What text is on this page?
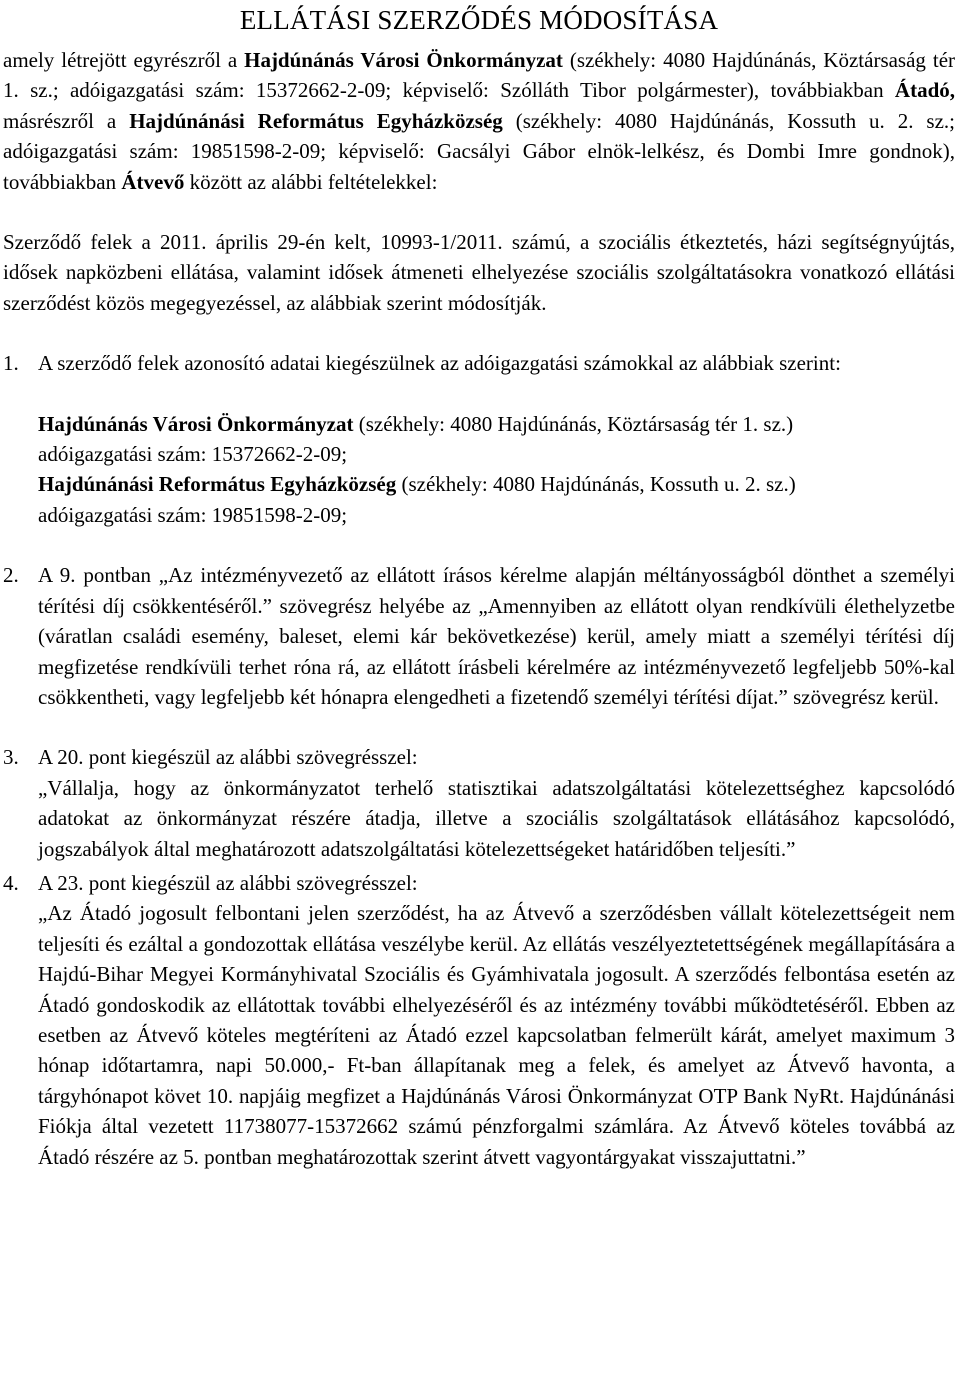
ELLÁTÁSI SZERZŐDÉS MÓDOSÍTÁSA

amely létrejött egyrészről a Hajdúnánás Városi Önkormányzat (székhely: 4080 Hajdúnánás, Köztársaság tér 1. sz.; adóigazgatási szám: 15372662-2-09; képviselő: Szólláth Tibor polgármester), továbbiakban Átadó, másrészről a Hajdúnánási Református Egyházközség (székhely: 4080 Hajdúnánás, Kossuth u. 2. sz.; adóigazgatási szám: 19851598-2-09; képviselő: Gacsályi Gábor elnök-lelkész, és Dombi Imre gondnok), továbbiakban Átvevő között az alábbi feltételekkel:

Szerződő felek a 2011. április 29-én kelt, 10993-1/2011. számú, a szociális étkeztetés, házi segítségnyújtás, idősek napközbeni ellátása, valamint idősek átmeneti elhelyezése szociális szolgáltatásokra vonatkozó ellátási szerződést közös megegyezéssel, az alábbiak szerint módosítják.

1. A szerződő felek azonosító adatai kiegészülnek az adóigazgatási számokkal az alábbiak szerint:

Hajdúnánás Városi Önkormányzat (székhely: 4080 Hajdúnánás, Köztársaság tér 1. sz.)

adóigazgatási szám: 15372662-2-09;

Hajdúnánási Református Egyházközség (székhely: 4080 Hajdúnánás, Kossuth u. 2. sz.)

adóigazgatási szám: 19851598-2-09;

2. A 9. pontban „Az intézményvezető az ellátott írásos kérelme alapján méltányosságból dönthet a személyi térítési díj csökkentéséről.” szövegrész helyébe az „Amennyiben az ellátott olyan rendkívüli élethelyzetbe (váratlan családi esemény, baleset, elemi kár bekövetkezése) kerül, amely miatt a személyi térítési díj megfizetése rendkívüli terhet róna rá, az ellátott írásbeli kérelmére az intézményvezető legfeljebb 50%-kal csökkentheti, vagy legfeljebb két hónapra elengedheti a fizetendő személyi térítési díjat.” szövegrész kerül.

3. A 20. pont kiegészül az alábbi szövegrésszel:

„Vállalja, hogy az önkormányzatot terhelő statisztikai adatszolgáltatási kötelezettséghez kapcsolódó adatokat az önkormányzat részére átadja, illetve a szociális szolgáltatások ellátásához kapcsolódó, jogszabályok által meghatározott adatszolgáltatási kötelezettségeket határidőben teljesíti.”

4. A 23. pont kiegészül az alábbi szövegrésszel:

„Az Átadó jogosult felbontani jelen szerződést, ha az Átvevő a szerződésben vállalt kötelezettségeit nem teljesíti és ezáltal a gondozottak ellátása veszélybe kerül. Az ellátás veszélyeztetettségének megállapítására a Hajdú-Bihar Megyei Kormányhivatal Szociális és Gyámhivatala jogosult. A szerződés felbontása esetén az Átadó gondoskodik az ellátottak további elhelyezéséről és az intézmény további működtetéséről. Ebben az esetben az Átvevő köteles megtéríteni az Átadó ezzel kapcsolatban felmerült kárát, amelyet maximum 3 hónap időtartamra, napi 50.000,- Ft-ban állapítanak meg a felek, és amelyet az Átvevő havonta, a tárgyhónapot követ 10. napjáig megfizet a Hajdúnánás Városi Önkormányzat OTP Bank NyRt. Hajdúnánási Fiókja által vezetett 11738077-15372662 számú pénzforgalmi számlára. Az Átvevő köteles továbbá az Átadó részére az 5. pontban meghatározottak szerint átvett vagyontárgyakat visszajuttatni.”
